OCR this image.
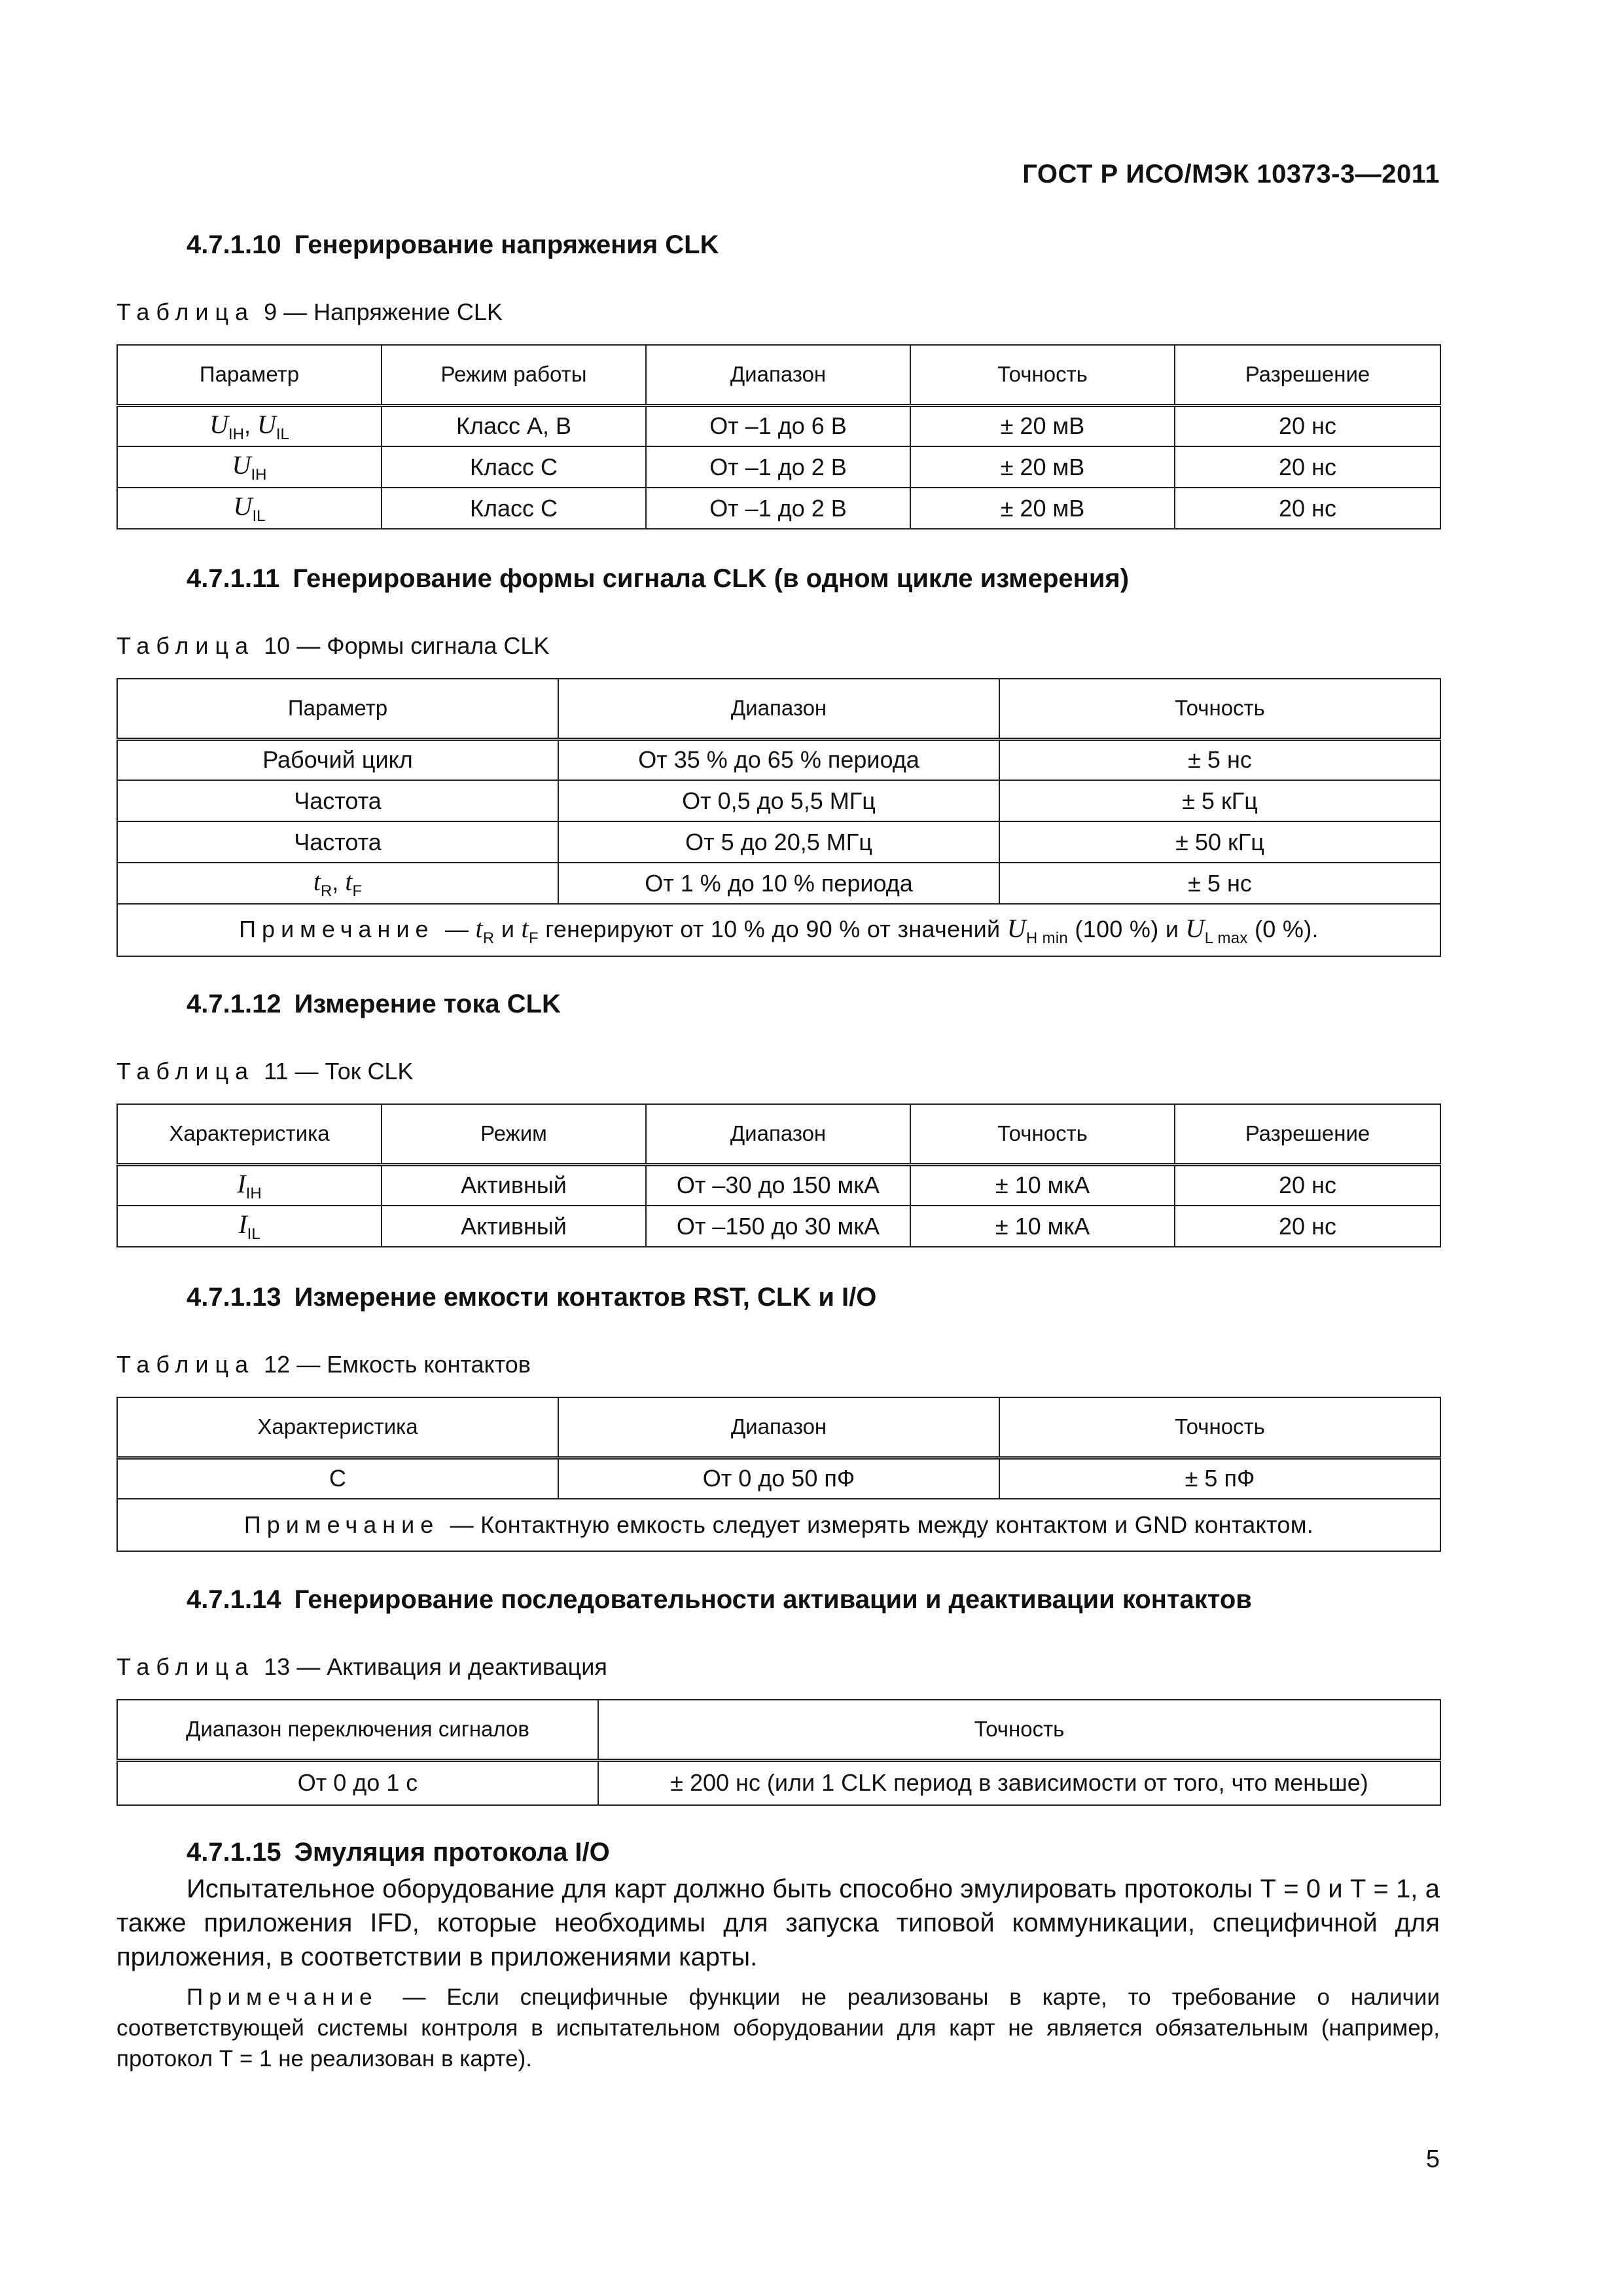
ГОСТ Р ИСО/МЭК 10373-3—2011
4.7.1.10 Генерирование напряжения CLK
Таблица 9 — Напряжение CLK
Параметр	Режим работы	Диапазон	Точность	Разрешение
$U_{IH}$, $U_{IL}$	Класс А, В	От –1 до 6 В	± 20 мВ	20 нс
$U_{IH}$	Класс С	От –1 до 2 В	± 20 мВ	20 нс
$U_{IL}$	Класс С	От –1 до 2 В	± 20 мВ	20 нс
4.7.1.11 Генерирование формы сигнала CLK (в одном цикле измерения)
Таблица 10 — Формы сигнала CLK
Параметр	Диапазон	Точность
Рабочий цикл	От 35 % до 65 % периода	± 5 нс
Частота	От 0,5 до 5,5 МГц	± 5 кГц
Частота	От 5 до 20,5 МГц	± 50 кГц
$t_R$, $t_F$	От 1 % до 10 % периода	± 5 нс
Примечание — $t_R$ и $t_F$ генерируют от 10 % до 90 % от значений $U_{H min}$ (100 %) и $U_{L max}$ (0 %).		
4.7.1.12 Измерение тока CLK
Таблица 11 — Ток CLK
Характеристика	Режим	Диапазон	Точность	Разрешение
$I_{IH}$	Активный	От –30 до 150 мкА	± 10 мкА	20 нс
$I_{IL}$	Активный	От –150 до 30 мкА	± 10 мкА	20 нс
4.7.1.13 Измерение емкости контактов RST, CLK и I/O
Таблица 12 — Емкость контактов
Характеристика	Диапазон	Точность
C	От 0 до 50 пФ	± 5 пФ
Примечание — Контактную емкость следует измерять между контактом и GND контактом.		
4.7.1.14 Генерирование последовательности активации и деактивации контактов
Таблица 13 — Активация и деактивация
Диапазон переключения сигналов	Точность
От 0 до 1 с	± 200 нс (или 1 CLK период в зависимости от того, что меньше)
4.7.1.15 Эмуляция протокола I/O
Испытательное оборудование для карт должно быть способно эмулировать протоколы Т = 0 и Т = 1, а также приложения IFD, которые необходимы для запуска типовой коммуникации, специфичной для приложения, в соответствии в приложениями карты.
Примечание — Если специфичные функции не реализованы в карте, то требование о наличии соответствующей системы контроля в испытательном оборудовании для карт не является обязательным (например, протокол Т = 1 не реализован в карте).
5
